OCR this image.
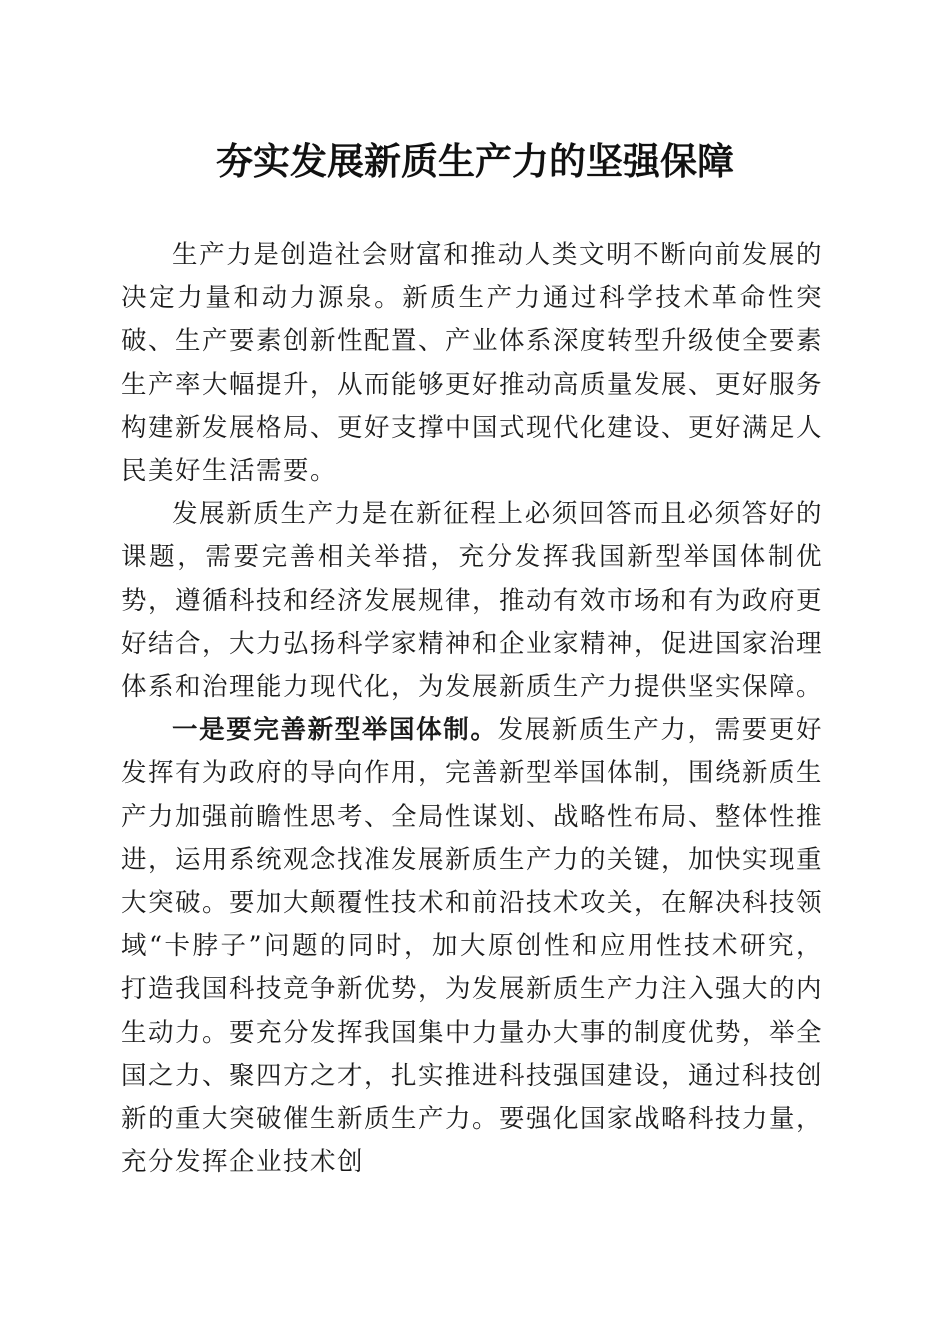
夯实发展新质生产力的坚强保障

生产力是创造社会财富和推动人类文明不断向前发展的决定力量和动力源泉。新质生产力通过科学技术革命性突破、生产要素创新性配置、产业体系深度转型升级使全要素生产率大幅提升，从而能够更好推动高质量发展、更好服务构建新发展格局、更好支撑中国式现代化建设、更好满足人民美好生活需要。

发展新质生产力是在新征程上必须回答而且必须答好的课题，需要完善相关举措，充分发挥我国新型举国体制优势，遵循科技和经济发展规律，推动有效市场和有为政府更好结合，大力弘扬科学家精神和企业家精神，促进国家治理体系和治理能力现代化，为发展新质生产力提供坚实保障。

一是要完善新型举国体制。发展新质生产力，需要更好发挥有为政府的导向作用，完善新型举国体制，围绕新质生产力加强前瞻性思考、全局性谋划、战略性布局、整体性推进，运用系统观念找准发展新质生产力的关键，加快实现重大突破。要加大颠覆性技术和前沿技术攻关，在解决科技领域“卡脖子”问题的同时，加大原创性和应用性技术研究，打造我国科技竞争新优势，为发展新质生产力注入强大的内生动力。要充分发挥我国集中力量办大事的制度优势，举全国之力、聚四方之才，扎实推进科技强国建设，通过科技创新的重大突破催生新质生产力。要强化国家战略科技力量，充分发挥企业技术创
